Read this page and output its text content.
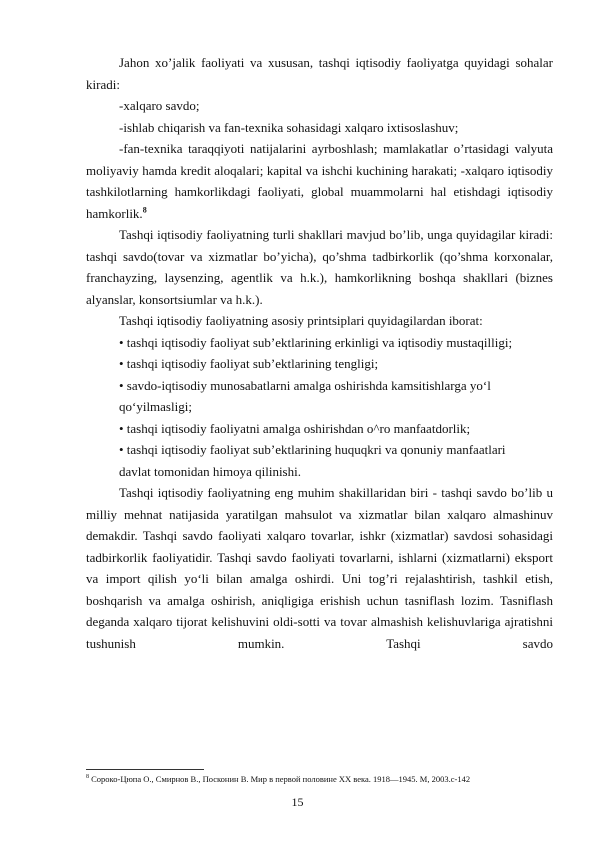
Jahon xo’jalik faoliyati va xususan, tashqi iqtisodiy faoliyatga quyidagi sohalar kiradi:

-xalqaro savdo;

-ishlab chiqarish va fan-texnika sohasidagi xalqaro ixtisoslashuv;

-fan-texnika taraqqiyoti natijalarini ayrboshlash; mamlakatlar o’rtasidagi valyuta moliyaviy hamda kredit aloqalari; kapital va ishchi kuchining harakati; -xalqaro iqtisodiy tashkilotlarning hamkorlikdagi faoliyati, global muammolarni hal etishdagi iqtisodiy hamkorlik.$^8$

Tashqi iqtisodiy faoliyatning turli shakllari mavjud bo’lib, unga quyidagilar kiradi: tashqi savdo(tovar va xizmatlar bo’yicha), qo’shma tadbirkorlik (qo’shma korxonalar, franchayzing, laysenzing, agentlik va h.k.), hamkorlikning boshqa shakllari (biznes alyanslar, konsortsiumlar va h.k.).

Tashqi iqtisodiy faoliyatning asosiy printsiplari quyidagilardan iborat:

• tashqi iqtisodiy faoliyat sub’ektlarining erkinligi va iqtisodiy mustaqilligi;

• tashqi iqtisodiy faoliyat sub’ektlarining tengligi;

• savdo-iqtisodiy munosabatlarni amalga oshirishda kamsitishlarga yo‘l

qo‘yilmasligi;

• tashqi iqtisodiy faoliyatni amalga oshirishdan o^ro manfaatdorlik;

• tashqi iqtisodiy faoliyat sub’ektlarining huquqkri va qonuniy manfaatlari

davlat tomonidan himoya qilinishi.

Tashqi iqtisodiy faoliyatning eng muhim shakillaridan biri - tashqi savdo bo’lib u milliy mehnat natijasida yaratilgan mahsulot va xizmatlar bilan xalqaro almashinuv demakdir. Tashqi savdo faoliyati xalqaro tovarlar, ishkr (xizmatlar) savdosi sohasidagi tadbirkorlik faoliyatidir. Tashqi savdo faoliyati tovarlarni, ishlarni (xizmatlarni) eksport va import qilish yo‘li bilan amalga oshirdi. Uni tog’ri rejalashtirish, tashkil etish, boshqarish va amalga oshirish, aniqligiga erishish uchun tasniflash lozim. Tasniflash deganda xalqaro tijorat kelishuvini oldi-sotti va tovar almashish kelishuvlariga ajratishni tushunish mumkin. Tashqi savdo

$^8$ Сороко-Цюпа О., Смирнов В., Посконин В. Мир в первой половине ХХ века. 1918—1945. М, 2003.с-142
15
